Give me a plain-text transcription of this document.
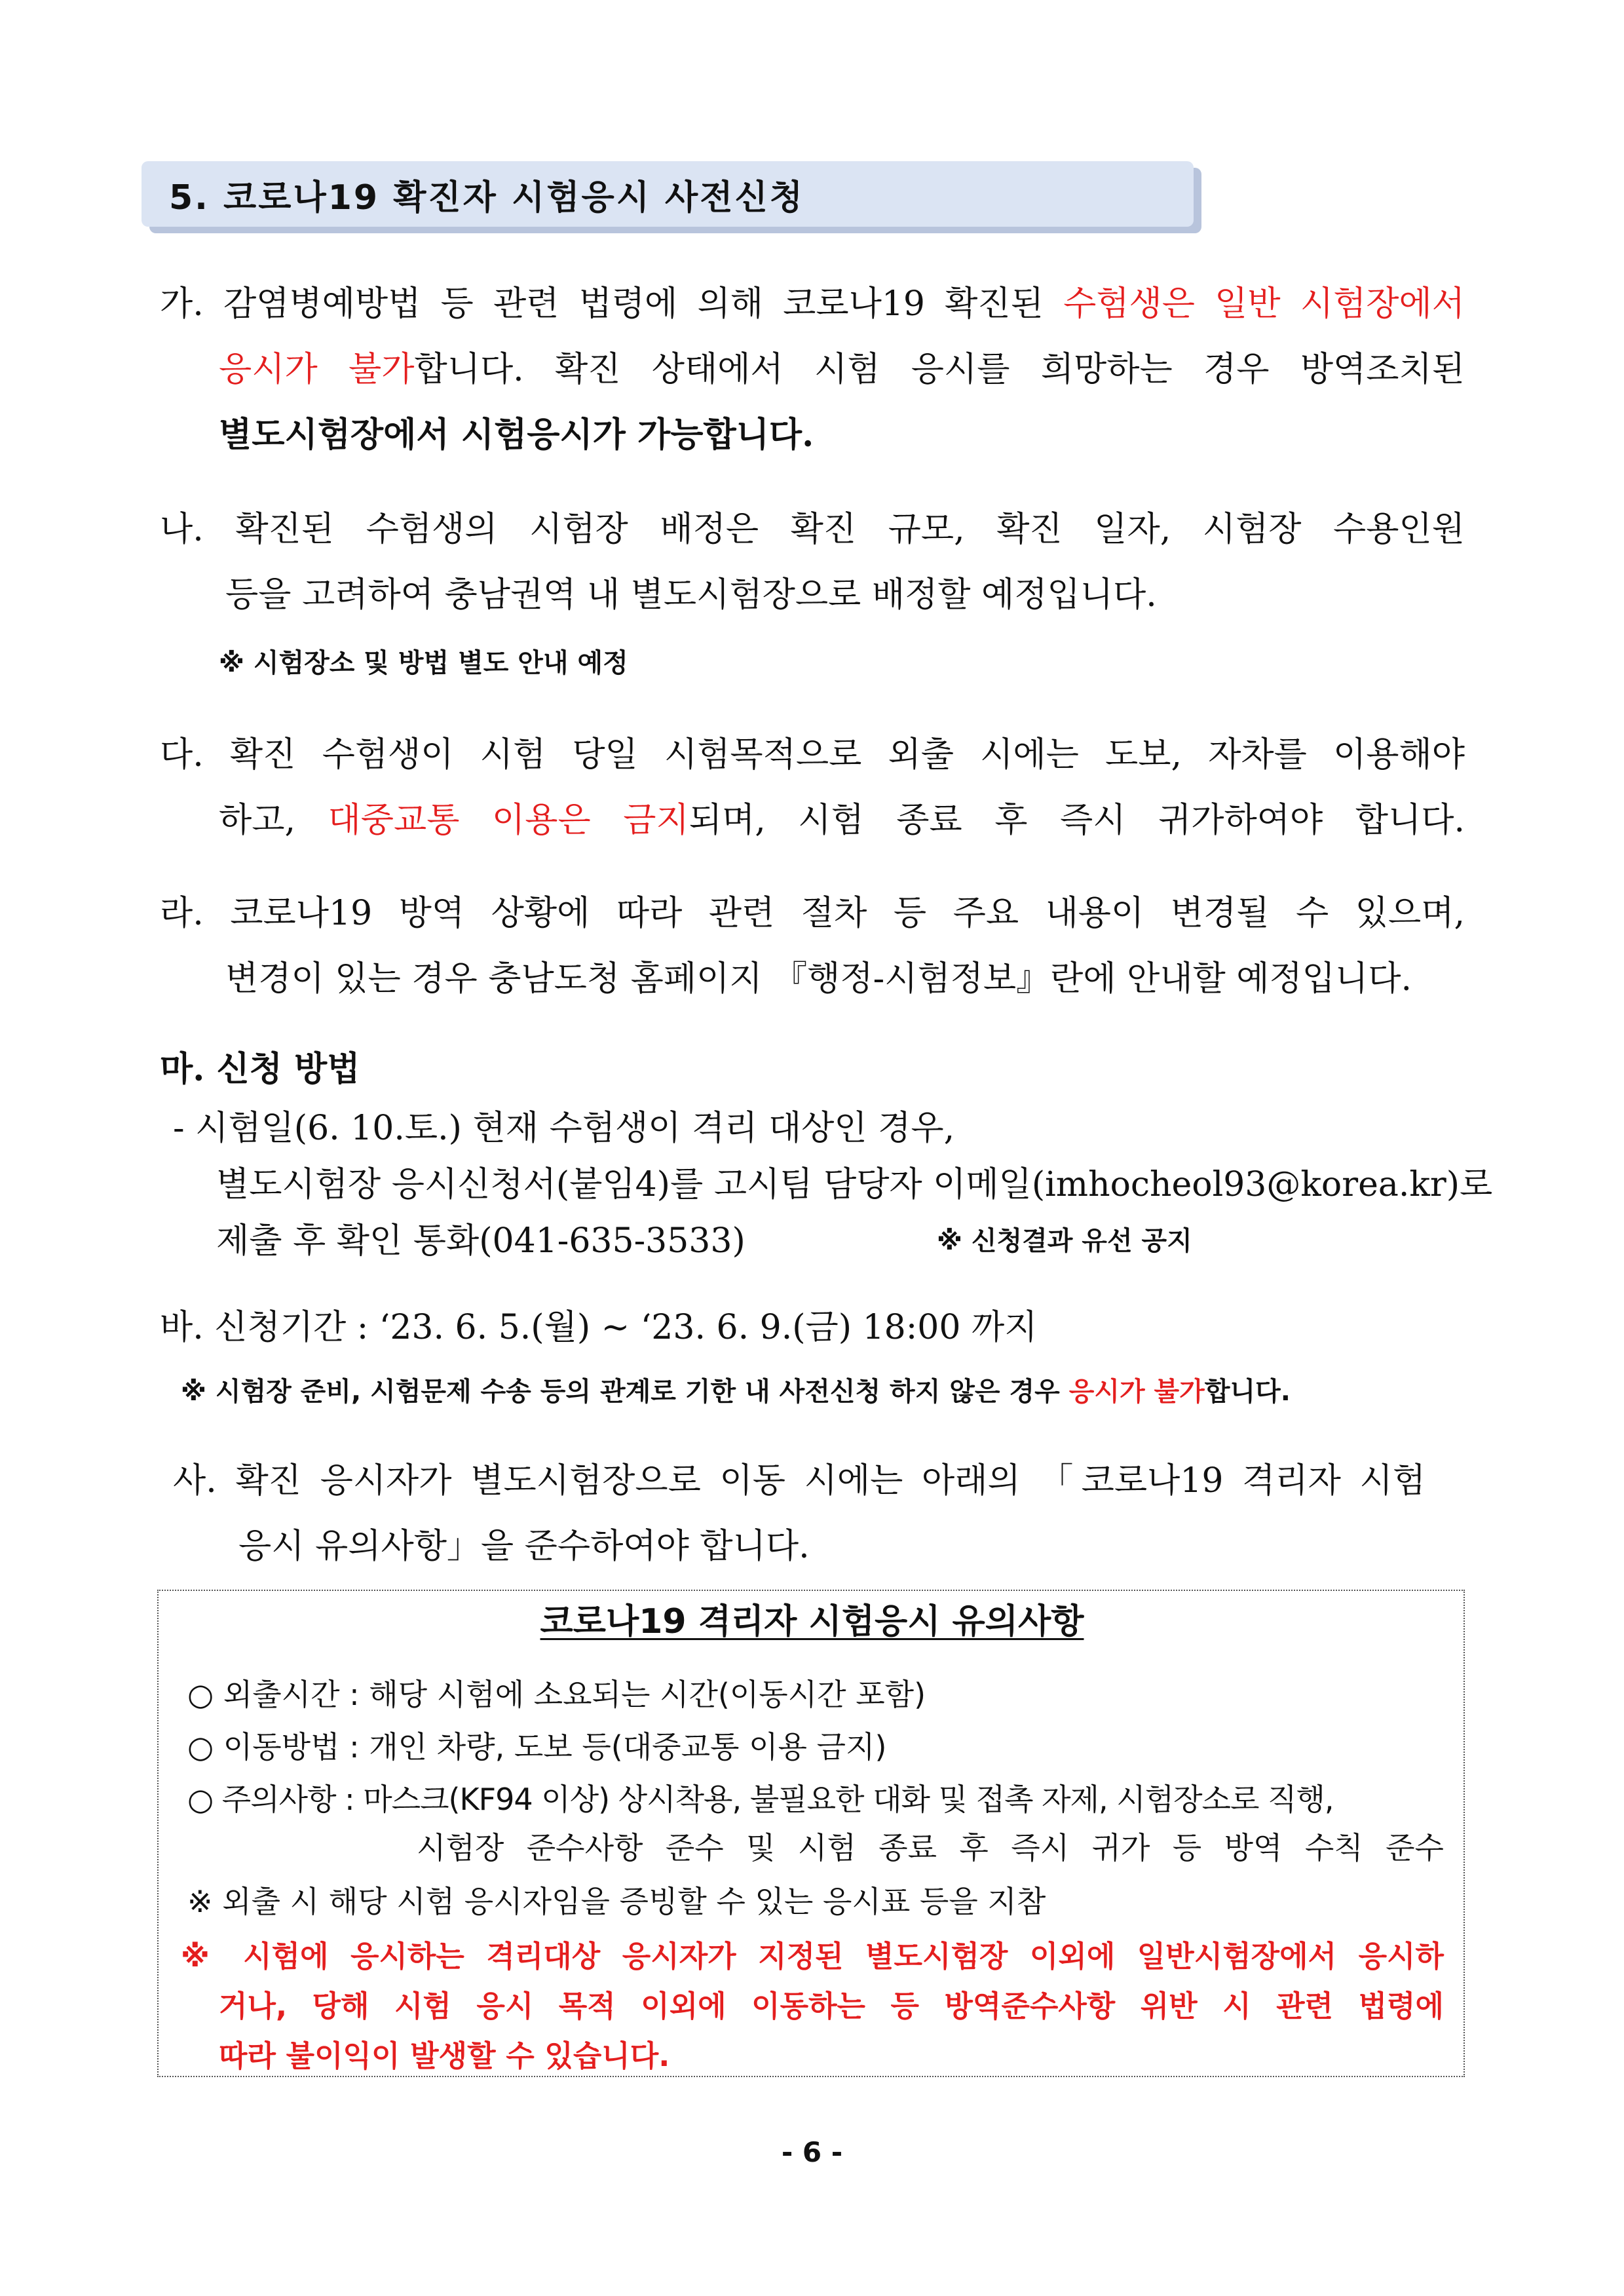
5. 코로나19 확진자 시험응시 사전신청
가. 감염병예방법 등 관련 법령에 의해 코로나19 확진된 수험생은 일반 시험장에서
응시가 불가합니다. 확진 상태에서 시험 응시를 희망하는 경우 방역조치된
별도시험장에서 시험응시가 가능합니다.
나. 확진된 수험생의 시험장 배정은 확진 규모, 확진 일자, 시험장 수용인원
등을 고려하여 충남권역 내 별도시험장으로 배정할 예정입니다.
※ 시험장소 및 방법 별도 안내 예정
다. 확진 수험생이 시험 당일 시험목적으로 외출 시에는 도보, 자차를 이용해야
하고, 대중교통 이용은 금지되며, 시험 종료 후 즉시 귀가하여야 합니다.
라. 코로나19 방역 상황에 따라 관련 절차 등 주요 내용이 변경될 수 있으며,
변경이 있는 경우 충남도청 홈페이지 『행정-시험정보』란에 안내할 예정입니다.
마. 신청 방법
- 시험일(6. 10.토.) 현재 수험생이 격리 대상인 경우,
별도시험장 응시신청서(붙임4)를 고시팀 담당자 이메일(imhocheol93@korea.kr)로
제출 후 확인 통화(041-635-3533)	※ 신청결과 유선 공지
바. 신청기간 : ‘23. 6. 5.(월) ~ ‘23. 6. 9.(금) 18:00 까지
※ 시험장 준비, 시험문제 수송 등의 관계로 기한 내 사전신청 하지 않은 경우 응시가 불가합니다.
사. 확진 응시자가 별도시험장으로 이동 시에는 아래의 「코로나19 격리자 시험
응시 유의사항」을 준수하여야 합니다.
코로나19 격리자 시험응시 유의사항
○ 외출시간 : 해당 시험에 소요되는 시간(이동시간 포함)
○ 이동방법 : 개인 차량, 도보 등(대중교통 이용 금지)
○ 주의사항 : 마스크(KF94 이상) 상시착용, 불필요한 대화 및 접촉 자제, 시험장소로 직행,
시험장 준수사항 준수 및 시험 종료 후 즉시 귀가 등 방역 수칙 준수
※ 외출 시 해당 시험 응시자임을 증빙할 수 있는 응시표 등을 지참
※ 시험에 응시하는 격리대상 응시자가 지정된 별도시험장 이외에 일반시험장에서 응시하
거나, 당해 시험 응시 목적 이외에 이동하는 등 방역준수사항 위반 시 관련 법령에
따라 불이익이 발생할 수 있습니다.
- 6 -
